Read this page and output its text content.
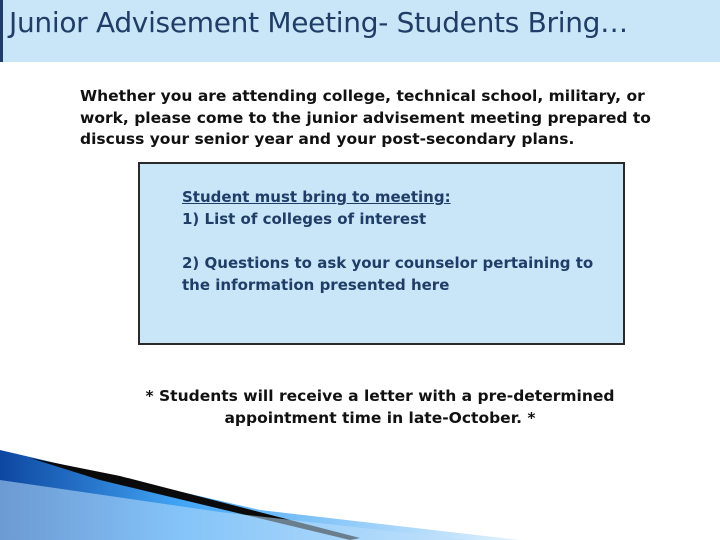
Junior Advisement Meeting- Students Bring…
Whether you are attending college, technical school, military, or work, please come to the junior advisement meeting prepared to discuss your senior year and your post-secondary plans.
Student must bring to meeting:
1) List of colleges of interest
2) Questions to ask your counselor pertaining to the information presented here
* Students will receive a letter with a pre-determined appointment time in late-October. *
